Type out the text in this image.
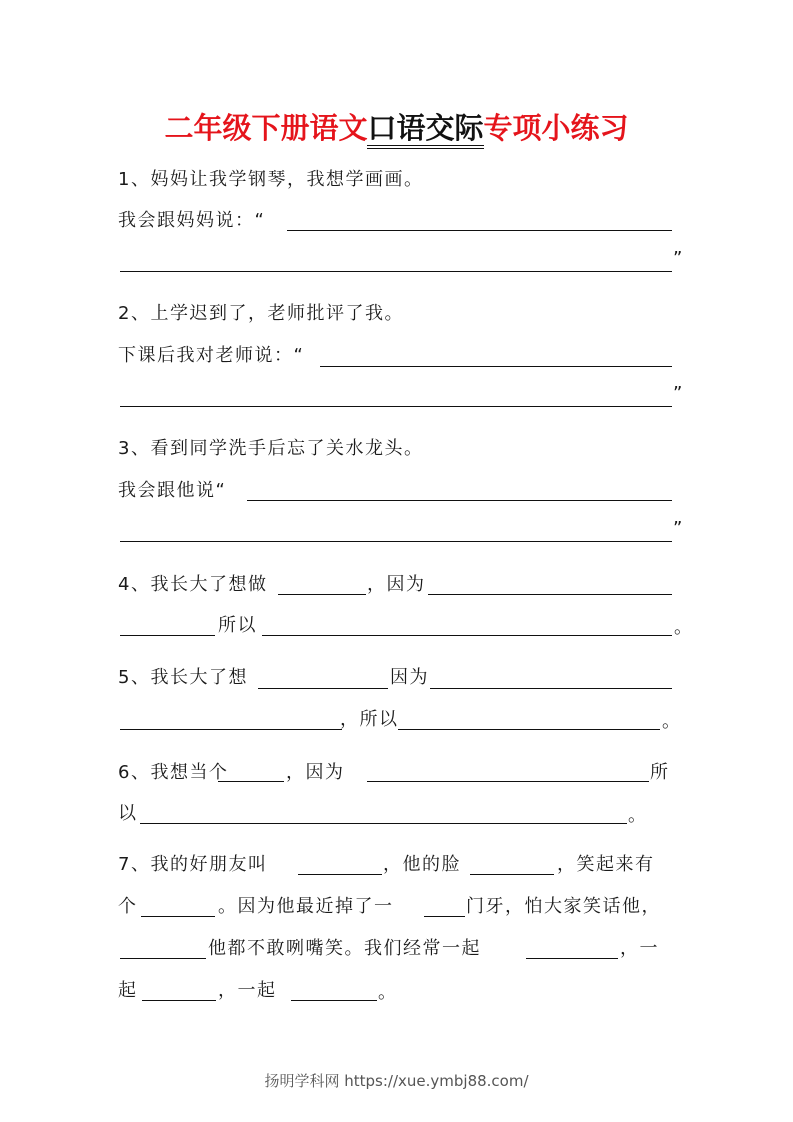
二年级下册语文口语交际专项小练习
1、妈妈让我学钢琴，我想学画画。
我会跟妈妈说：“
”
2、上学迟到了，老师批评了我。
下课后我对老师说：“
”
3、看到同学洗手后忘了关水龙头。
我会跟他说“
”
4、我长大了想做	，因为
所以	。
5、我长大了想	因为
，所以	。
6、我想当个	，因为	所
以	。
7、我的好朋友叫	，他的脸	，笑起来有
个	。因为他最近掉了一	门牙，怕大家笑话他，
他都不敢咧嘴笑。我们经常一起	，一
起	，一起	。
扬明学科网 https://xue.ymbj88.com/
